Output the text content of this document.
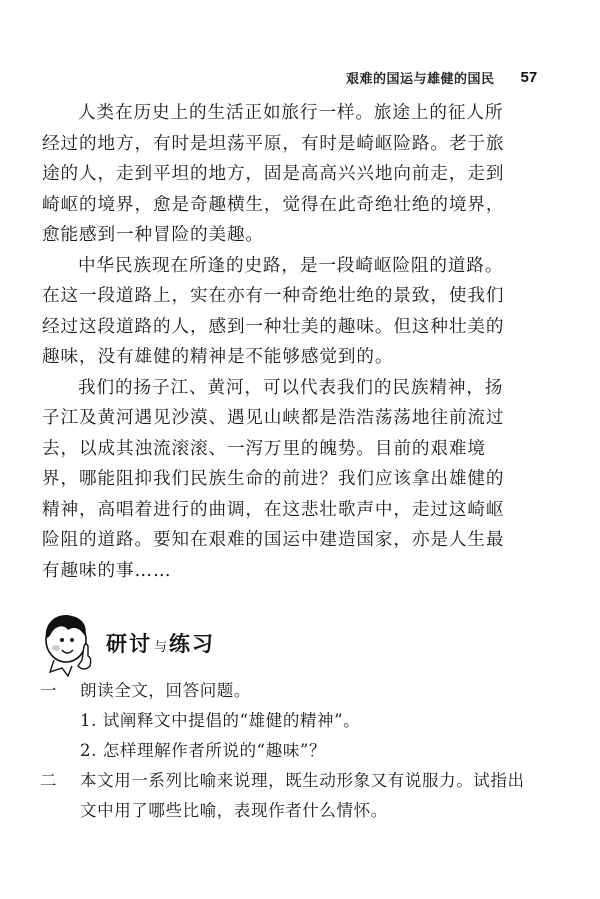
艰难的国运与雄健的国民 57

人类在历史上的生活正如旅行一样。旅途上的征人所
经过的地方，有时是坦荡平原，有时是崎岖险路。老于旅
途的人，走到平坦的地方，固是高高兴兴地向前走，走到
崎岖的境界，愈是奇趣横生，觉得在此奇绝壮绝的境界，
愈能感到一种冒险的美趣。

中华民族现在所逢的史路，是一段崎岖险阻的道路。
在这一段道路上，实在亦有一种奇绝壮绝的景致，使我们
经过这段道路的人，感到一种壮美的趣味。但这种壮美的
趣味，没有雄健的精神是不能够感觉到的。

我们的扬子江、黄河，可以代表我们的民族精神，扬
子江及黄河遇见沙漠、遇见山峡都是浩浩荡荡地往前流过
去，以成其浊流滚滚、一泻万里的魄势。目前的艰难境
界，哪能阻抑我们民族生命的前进？我们应该拿出雄健的
精神，高唱着进行的曲调，在这悲壮歌声中，走过这崎岖
险阻的道路。要知在艰难的国运中建造国家，亦是人生最
有趣味的事……

研讨 与练习
一	朗读全文，回答问题。
1. 试阐释文中提倡的“雄健的精神”。
2. 怎样理解作者所说的“趣味”？
二	本文用一系列比喻来说理，既生动形象又有说服力。试指出
文中用了哪些比喻，表现作者什么情怀。
